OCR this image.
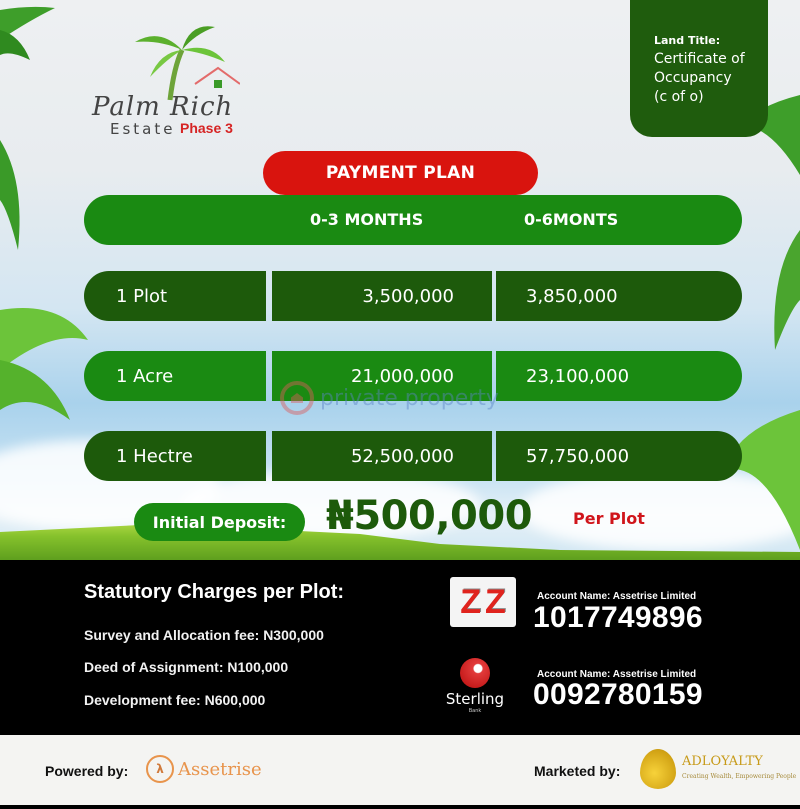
Palm Rich
Estate Phase 3
Land Title:
Certificate of
Occupancy
(c of o)
PAYMENT PLAN
0-3 MONTHS	0-6MONTS
1 Plot	3,500,000	3,850,000
1 Acre	21,000,000	23,100,000
1 Hectre	52,500,000	57,750,000
private property
Initial Deposit: ₦500,000	Per Plot
Statutory Charges per Plot:
Survey and Allocation fee: N300,000
Deed of Assignment: N100,000
Development fee: N600,000
Z Z	Account Name: Assetrise Limited
1017749896
Sterling
Bank
Account Name: Assetrise Limited
0092780159
Powered by:	λ Assetrise	Marketed by:
ADLOYALTY
Creating Wealth, Empowering People
